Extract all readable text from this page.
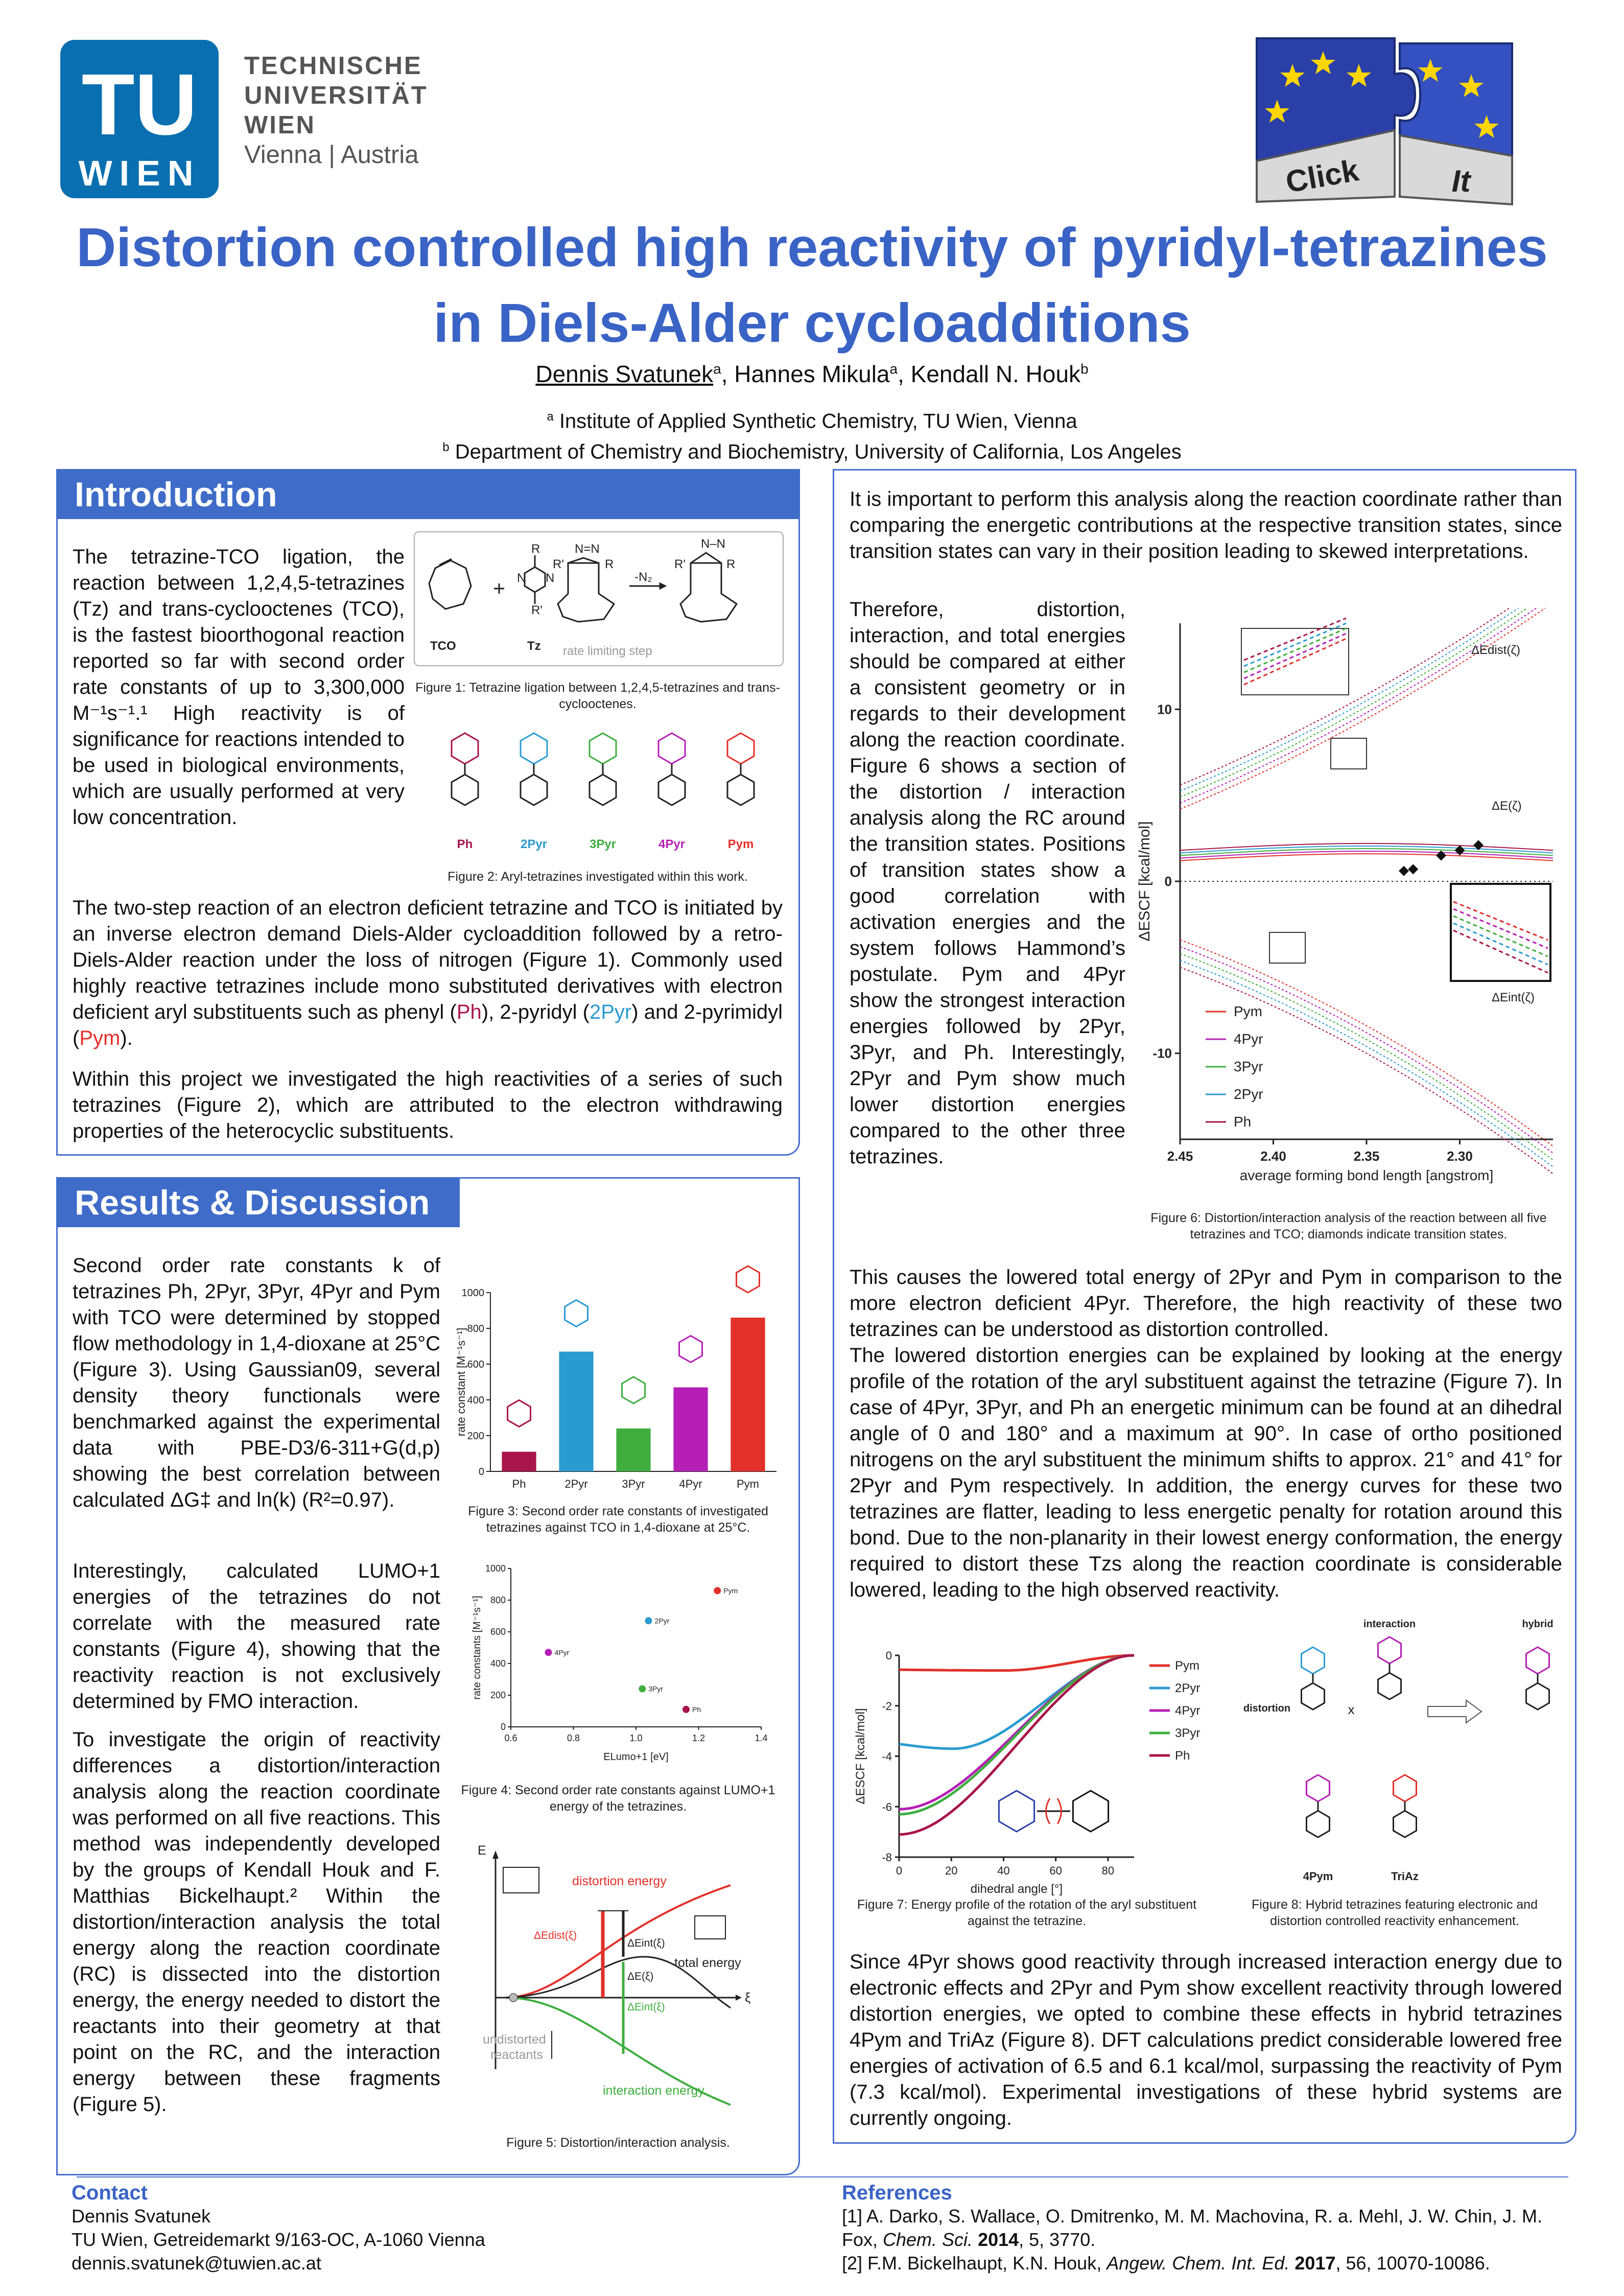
TU
WIEN
TECHNISCHE
UNIVERSITÄT
WIEN
Vienna | Austria	Click	It
Distortion controlled high reactivity of pyridyl-tetrazines
in Diels-Alder cycloadditions
Dennis Svatunek$^a$, Hannes Mikula$^a$, Kendall N. Houk$^b$
$^a$ Institute of Applied Synthetic Chemistry, TU Wien, Vienna
$^b$ Department of Chemistry and Biochemistry, University of California, Los Angeles
Introduction
The tetrazine-TCO ligation, the reaction between 1,2,4,5-tetrazines (Tz) and trans-cyclooctenes (TCO), is the fastest bioorthogonal reaction reported so far with second order rate constants of up to 3,300,000 M⁻¹s⁻¹.¹ High reactivity is of significance for reactions intended to be used in biological environments, which are usually performed at very low concentration.
R
R'
N N
N=N
R'	R
N–N
R'	R
-N₂
TCO	Tz rate limiting step
Figure 1: Tetrazine ligation between 1,2,4,5-tetrazines and trans-cyclooctenes.
Ph	2Pyr	3Pyr	4Pyr	Pym
Figure 2: Aryl-tetrazines investigated within this work.
The two-step reaction of an electron deficient tetrazine and TCO is initiated by an inverse electron demand Diels-Alder cycloaddition followed by a retro-Diels-Alder reaction under the loss of nitrogen (Figure 1). Commonly used highly reactive tetrazines include mono substituted derivatives with electron deficient aryl substituents such as phenyl (Ph), 2-pyridyl (2Pyr) and 2-pyrimidyl (Pym).
Within this project we investigated the high reactivities of a series of such tetrazines (Figure 2), which are attributed to the electron withdrawing properties of the heterocyclic substituents.
Results & Discussion
Second order rate constants k of tetrazines Ph, 2Pyr, 3Pyr, 4Pyr and Pym with TCO were determined by stopped flow methodology in 1,4-dioxane at 25°C (Figure 3). Using Gaussian09, several density theory functionals were benchmarked against the experimental data with PBE-D3/6-311+G(d,p) showing the best correlation between calculated ΔG‡ and ln(k) (R²=0.97).
Interestingly, calculated LUMO+1 energies of the tetrazines do not correlate with the measured rate constants (Figure 4), showing that the reactivity reaction is not exclusively determined by FMO interaction.
To investigate the origin of reactivity differences a distortion/interaction analysis along the reaction coordinate was performed on all five reactions. This method was independently developed by the groups of Kendall Houk and F. Matthias Bickelhaupt.² Within the distortion/interaction analysis the total energy along the reaction coordinate (RC) is dissected into the distortion energy, the energy needed to distort the reactants into their geometry at that point on the RC, and the interaction energy between these fragments (Figure 5).
0
200
400
600
800
1000
Ph	2Pyr	3Pyr	4Pyr	Pym
rate constant [M⁻¹s⁻¹]
Figure 3: Second order rate constants of investigated tetrazines against TCO in 1,4-dioxane at 25°C.
0
200
400
600
800
1000
0.6	0.8	1.0	1.2	1.4
Pym
2Pyr
4Pyr
3Pyr
Ph
ELumo+1 [eV]
rate constants [M⁻¹s⁻¹]
Figure 4: Second order rate constants against LUMO+1 energy of the tetrazines.
E
ξ
distortion energy
total energy
interaction energy
undistorted
reactants
ΔEdist(ξ)
ΔEint(ξ)
ΔE(ξ)
ΔEint(ξ)
Figure 5: Distortion/interaction analysis.
It is important to perform this analysis along the reaction coordinate rather than comparing the energetic contributions at the respective transition states, since transition states can vary in their position leading to skewed interpretations.
Therefore, distortion, interaction, and total energies should be compared at either a consistent geometry or in regards to their development along the reaction coordinate. Figure 6 shows a section of the distortion / interaction analysis along the RC around the transition states. Positions of transition states show a good correlation with activation energies and the system follows Hammond’s postulate. Pym and 4Pyr show the strongest interaction energies followed by 2Pyr, 3Pyr, and Ph. Interestingly, 2Pyr and Pym show much lower distortion energies compared to the other three tetrazines.
10
0
-10
2.45	2.40	2.35	2.30
ΔEdist(ζ)
ΔE(ζ)
ΔEint(ζ)
Pym
4Pyr
3Pyr
2Pyr
Ph
average forming bond length [angstrom]
ΔESCF [kcal/mol]
Figure 6: Distortion/interaction analysis of the reaction between all five tetrazines and TCO; diamonds indicate transition states.
This causes the lowered total energy of 2Pyr and Pym in comparison to the more electron deficient 4Pyr. Therefore, the high reactivity of these two tetrazines can be understood as distortion controlled.
The lowered distortion energies can be explained by looking at the energy profile of the rotation of the aryl substituent against the tetrazine (Figure 7). In case of 4Pyr, 3Pyr, and Ph an energetic minimum can be found at an dihedral angle of 0 and 180° and a maximum at 90°. In case of ortho positioned nitrogens on the aryl substituent the minimum shifts to approx. 21° and 41° for 2Pyr and Pym respectively. In addition, the energy curves for these two tetrazines are flatter, leading to less energetic penalty for rotation around this bond. Due to the non-planarity in their lowest energy conformation, the energy required to distort these Tzs along the reaction coordinate is considerable lowered, leading to the high observed reactivity.
0
-2
-4
-6
-8
0	20	40	60	80
Pym
2Pyr
4Pyr
3Pyr
Ph
dihedral angle [°]
ΔESCF [kcal/mol]
Figure 7: Energy profile of the rotation of the aryl substituent against the tetrazine.
interaction	hybrid
distortion	x
4Pym	TriAz
Figure 8: Hybrid tetrazines featuring electronic and distortion controlled reactivity enhancement.
Since 4Pyr shows good reactivity through increased interaction energy due to electronic effects and 2Pyr and Pym show excellent reactivity through lowered distortion energies, we opted to combine these effects in hybrid tetrazines 4Pym and TriAz (Figure 8). DFT calculations predict considerable lowered free energies of activation of 6.5 and 6.1 kcal/mol, surpassing the reactivity of Pym (7.3 kcal/mol). Experimental investigations of these hybrid systems are currently ongoing.
Contact
Dennis Svatunek
TU Wien, Getreidemarkt 9/163-OC, A-1060 Vienna
dennis.svatunek@tuwien.ac.at
References
[1] A. Darko, S. Wallace, O. Dmitrenko, M. M. Machovina, R. a. Mehl, J. W. Chin, J. M.
Fox, Chem. Sci. 2014, 5, 3770.
[2] F.M. Bickelhaupt, K.N. Houk, Angew. Chem. Int. Ed. 2017, 56, 10070-10086.
